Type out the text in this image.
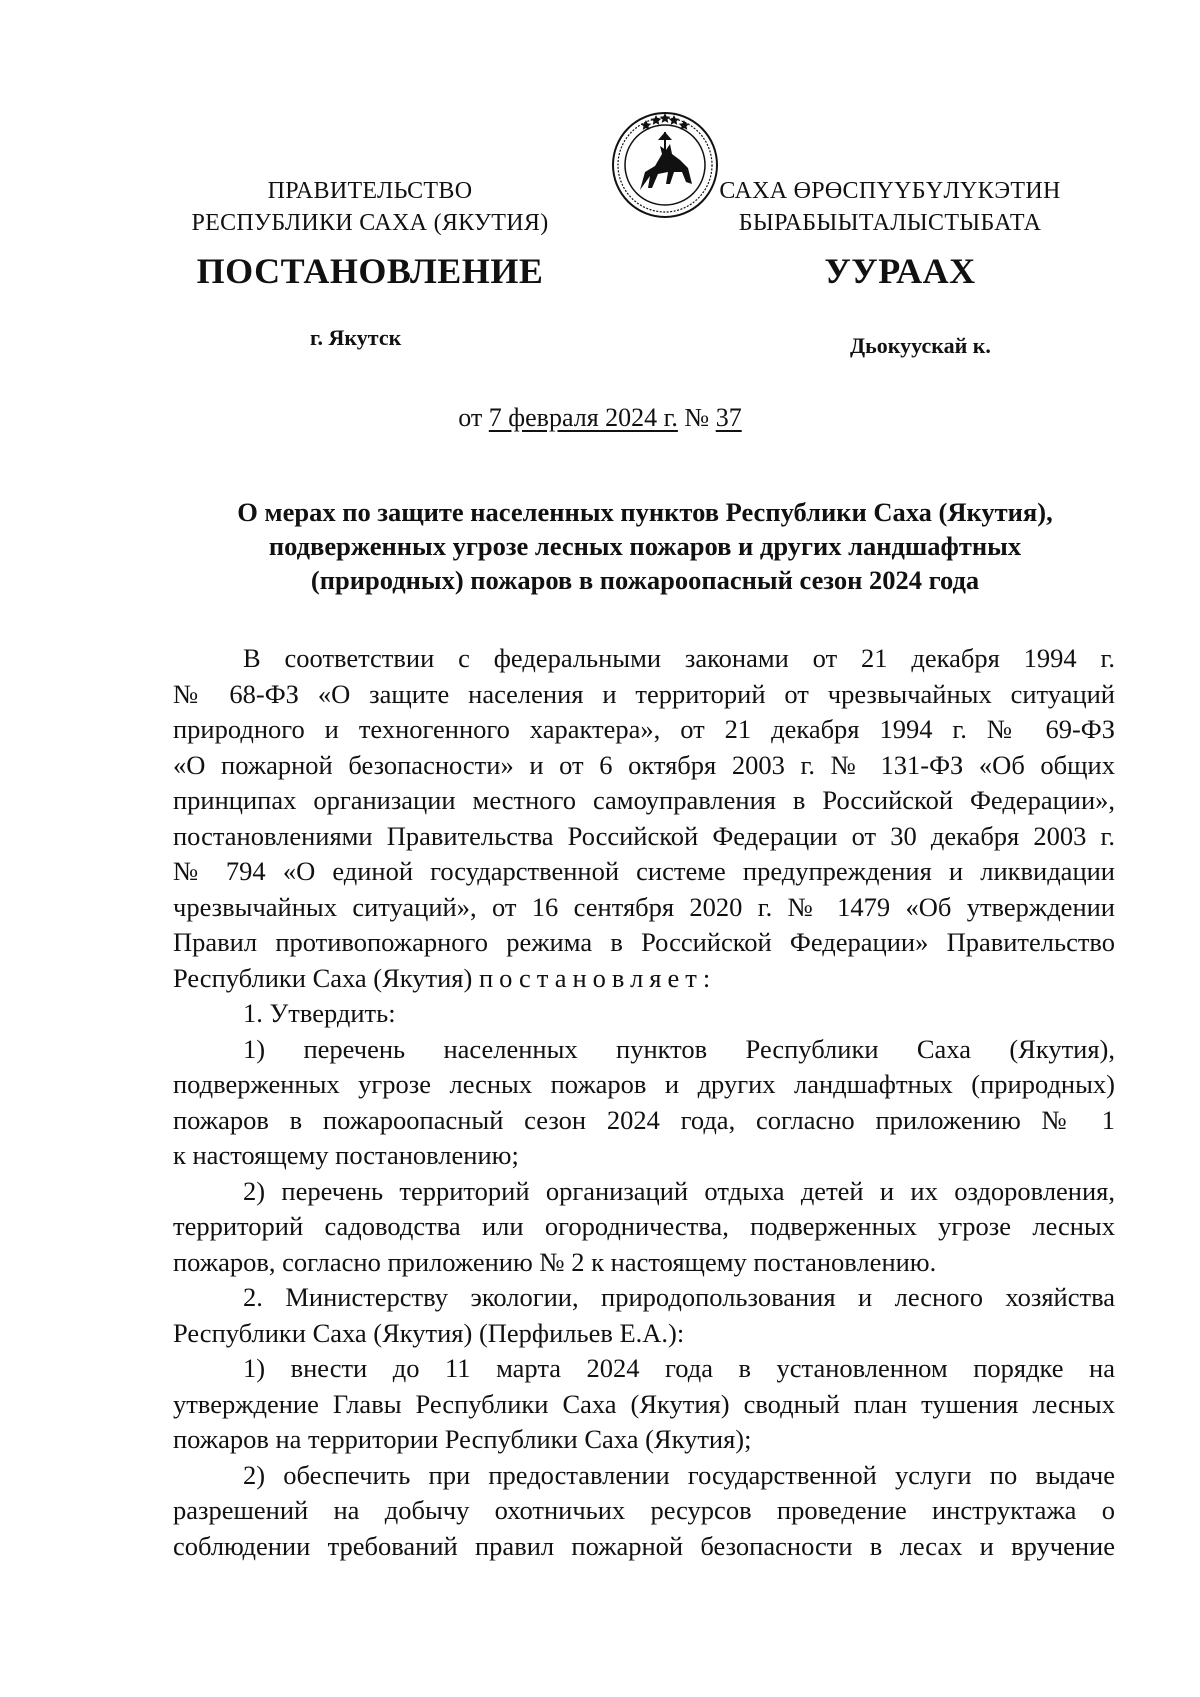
ПРАВИТЕЛЬСТВО
РЕСПУБЛИКИ САХА (ЯКУТИЯ)
САХА ӨРӨСПҮҮБҮЛҮКЭТИН
БЫРАБЫЫТАЛЫСТЫБАТА
ПОСТАНОВЛЕНИЕ	УУРААХ
г. Якутск	Дьокуускай к.
от 7 февраля 2024 г. № 37
О мерах по защите населенных пунктов Республики Саха (Якутия),
подверженных угрозе лесных пожаров и других ландшафтных
(природных) пожаров в пожароопасный сезон 2024 года
В соответствии с федеральными законами от 21 декабря 1994 г.
№ 68-ФЗ «О защите населения и территорий от чрезвычайных ситуаций
природного и техногенного характера», от 21 декабря 1994 г. № 69-ФЗ
«О пожарной безопасности» и от 6 октября 2003 г. № 131-ФЗ «Об общих
принципах организации местного самоуправления в Российской Федерации»,
постановлениями Правительства Российской Федерации от 30 декабря 2003 г.
№ 794 «О единой государственной системе предупреждения и ликвидации
чрезвычайных ситуаций», от 16 сентября 2020 г. № 1479 «Об утверждении
Правил противопожарного режима в Российской Федерации» Правительство
Республики Саха (Якутия) постановляет:
1. Утвердить:
1) перечень населенных пунктов Республики Саха (Якутия),
подверженных угрозе лесных пожаров и других ландшафтных (природных)
пожаров в пожароопасный сезон 2024 года, согласно приложению № 1
к настоящему постановлению;
2) перечень территорий организаций отдыха детей и их оздоровления,
территорий садоводства или огородничества, подверженных угрозе лесных
пожаров, согласно приложению № 2 к настоящему постановлению.
2. Министерству экологии, природопользования и лесного хозяйства
Республики Саха (Якутия) (Перфильев Е.А.):
1) внести до 11 марта 2024 года в установленном порядке на
утверждение Главы Республики Саха (Якутия) сводный план тушения лесных
пожаров на территории Республики Саха (Якутия);
2) обеспечить при предоставлении государственной услуги по выдаче
разрешений на добычу охотничьих ресурсов проведение инструктажа о
соблюдении требований правил пожарной безопасности в лесах и вручение
